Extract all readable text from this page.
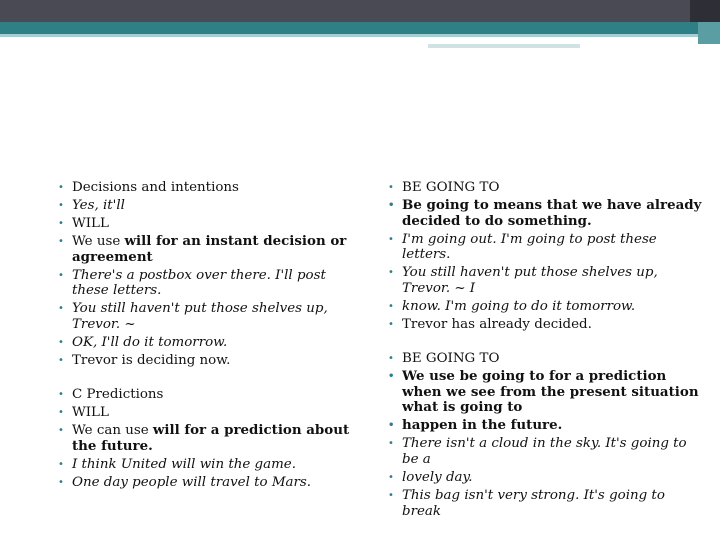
• Decisions and intentions
• Yes, it'll
• WILL
• We use will for an instant decision or agreement
• There's a postbox over there. I'll post these letters.
• You still haven't put those shelves up, Trevor. ~
• OK, I'll do it tomorrow.
• Trevor is deciding now.
• C Predictions
• WILL
• We can use will for a prediction about the future.
• I think United will win the game.
• One day people will travel to Mars.
• BE GOING TO
• Be going to means that we have already decided to do something.
• I'm going out. I'm going to post these letters.
• You still haven't put those shelves up, Trevor. ~ I
• know. I'm going to do it tomorrow.
• Trevor has already decided.
• BE GOING TO
• We use be going to for a prediction when we see from the present situation what is going to
• happen in the future.
• There isn't a cloud in the sky. It's going to be a
• lovely day.
• This bag isn't very strong. It's going to break
